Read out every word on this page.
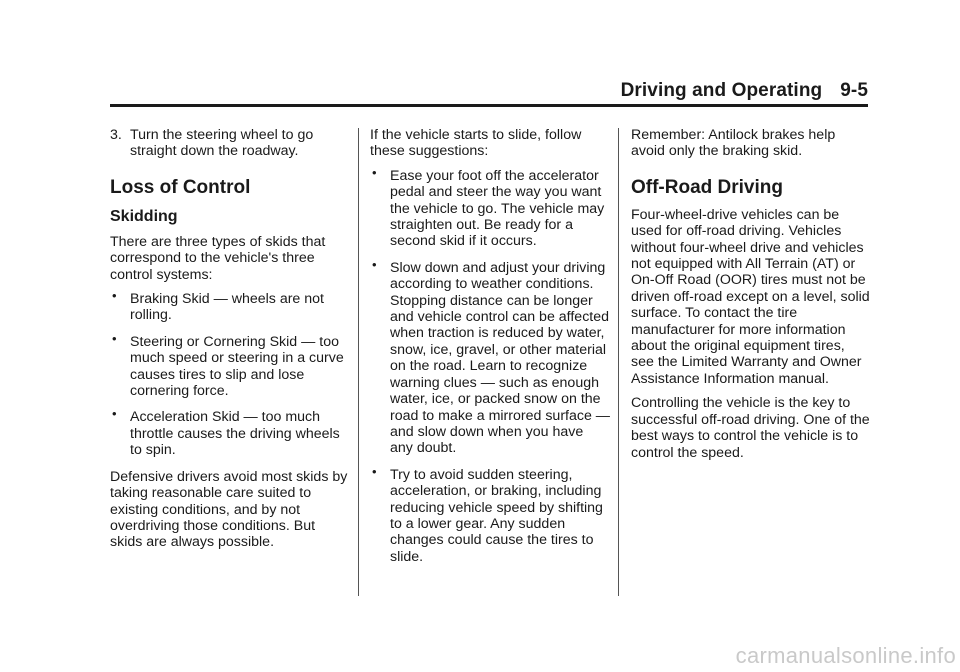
Driving and Operating 9-5
3. Turn the steering wheel to go straight down the roadway.
Loss of Control
Skidding

There are three types of skids that correspond to the vehicle's three control systems:

• Braking Skid — wheels are not rolling.
• Steering or Cornering Skid — too much speed or steering in a curve causes tires to slip and lose cornering force.
• Acceleration Skid — too much throttle causes the driving wheels to spin.

Defensive drivers avoid most skids by taking reasonable care suited to existing conditions, and by not overdriving those conditions. But skids are always possible.

If the vehicle starts to slide, follow these suggestions:

• Ease your foot off the accelerator pedal and steer the way you want the vehicle to go. The vehicle may straighten out. Be ready for a second skid if it occurs.
• Slow down and adjust your driving according to weather conditions. Stopping distance can be longer and vehicle control can be affected when traction is reduced by water, snow, ice, gravel, or other material on the road. Learn to recognize warning clues — such as enough water, ice, or packed snow on the road to make a mirrored surface — and slow down when you have any doubt.
• Try to avoid sudden steering, acceleration, or braking, including reducing vehicle speed by shifting to a lower gear. Any sudden changes could cause the tires to slide.

Remember: Antilock brakes help avoid only the braking skid.

Off-Road Driving

Four-wheel-drive vehicles can be used for off-road driving. Vehicles without four-wheel drive and vehicles not equipped with All Terrain (AT) or On-Off Road (OOR) tires must not be driven off-road except on a level, solid surface. To contact the tire manufacturer for more information about the original equipment tires, see the Limited Warranty and Owner Assistance Information manual.

Controlling the vehicle is the key to successful off-road driving. One of the best ways to control the vehicle is to control the speed.

carmanualsonline.info
